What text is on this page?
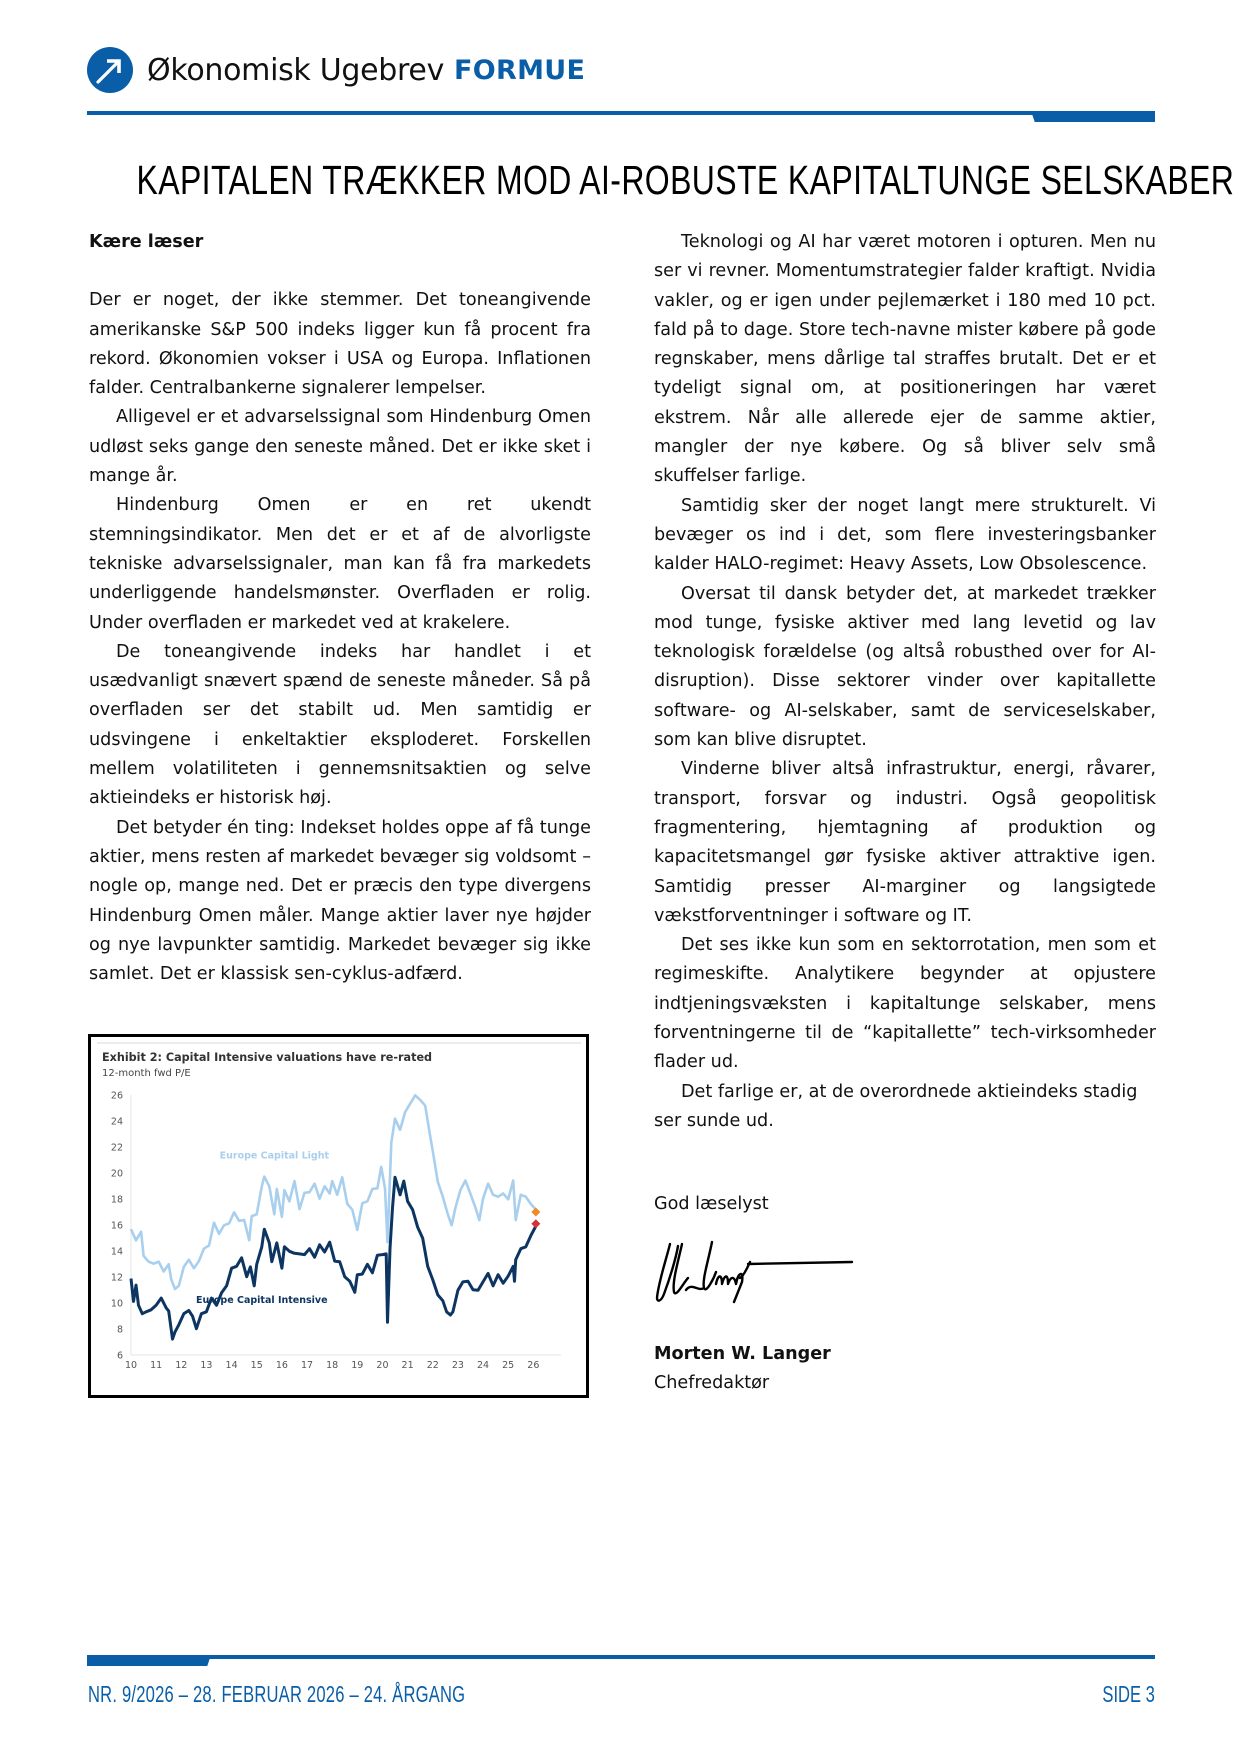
Økonomisk Ugebrev FORMUE
KAPITALEN TRÆKKER MOD AI-ROBUSTE KAPITALTUNGE SELSKABER

Kære læser

Der er noget, der ikke stemmer. Det toneangivende amerikanske S&P 500 indeks ligger kun få procent fra rekord. Økonomien vokser i USA og Europa. Inflationen falder. Centralbankerne signalerer lempelser.

Alligevel er et advarselssignal som Hindenburg Omen udløst seks gange den seneste måned. Det er ikke sket i mange år.

Hindenburg Omen er en ret ukendt stemningsindikator. Men det er et af de alvorligste tekniske advarselssignaler, man kan få fra markedets underliggende handelsmønster. Overfladen er rolig. Under overfladen er markedet ved at krakelere.

De toneangivende indeks har handlet i et usædvanligt snævert spænd de seneste måneder. Så på overfladen ser det stabilt ud. Men samtidig er udsvingene i enkeltaktier eksploderet. Forskellen mellem volatiliteten i gennemsnitsaktien og selve aktieindeks er historisk høj.

Det betyder én ting: Indekset holdes oppe af få tunge aktier, mens resten af markedet bevæger sig voldsomt – nogle op, mange ned. Det er præcis den type divergens Hindenburg Omen måler. Mange aktier laver nye højder og nye lavpunkter samtidig. Markedet bevæger sig ikke samlet. Det er klassisk sen-cyklus-adfærd.

Exhibit 2: Capital Intensive valuations have re-rated
12-month fwd P/E
6
8
10
12
14
16
18
20
22
24
26
10 11 12 13 14 15 16 17 18 19 20 21 22 23 24 25 26
Europe Capital Light
Europe Capital Intensive

Teknologi og AI har været motoren i opturen. Men nu ser vi revner. Momentumstrategier falder kraftigt. Nvidia vakler, og er igen under pejlemærket i 180 med 10 pct. fald på to dage. Store tech-navne mister købere på gode regnskaber, mens dårlige tal straffes brutalt. Det er et tydeligt signal om, at positioneringen har været ekstrem. Når alle allerede ejer de samme aktier, mangler der nye købere. Og så bliver selv små skuffelser farlige.

Samtidig sker der noget langt mere strukturelt. Vi bevæger os ind i det, som flere investeringsbanker kalder HALO-regimet: Heavy Assets, Low Obsolescence.

Oversat til dansk betyder det, at markedet trækker mod tunge, fysiske aktiver med lang levetid og lav teknologisk forældelse (og altså robusthed over for AI-disruption). Disse sektorer vinder over kapitallette software- og AI-selskaber, samt de serviceselskaber, som kan blive disruptet.

Vinderne bliver altså infrastruktur, energi, råvarer, transport, forsvar og industri. Også geopolitisk fragmentering, hjemtagning af produktion og kapacitetsmangel gør fysiske aktiver attraktive igen. Samtidig presser AI-marginer og langsigtede vækstforventninger i software og IT.

Det ses ikke kun som en sektorrotation, men som et regimeskifte. Analytikere begynder at opjustere indtjeningsvæksten i kapitaltunge selskaber, mens forventningerne til de “kapitallette” tech-virksomheder flader ud.

Det farlige er, at de overordnede aktieindeks stadig ser sunde ud.

God læselyst
Morten W. Langer
Chefredaktør
NR. 9/2026 – 28. FEBRUAR 2026 – 24. ÅRGANG	SIDE 3
